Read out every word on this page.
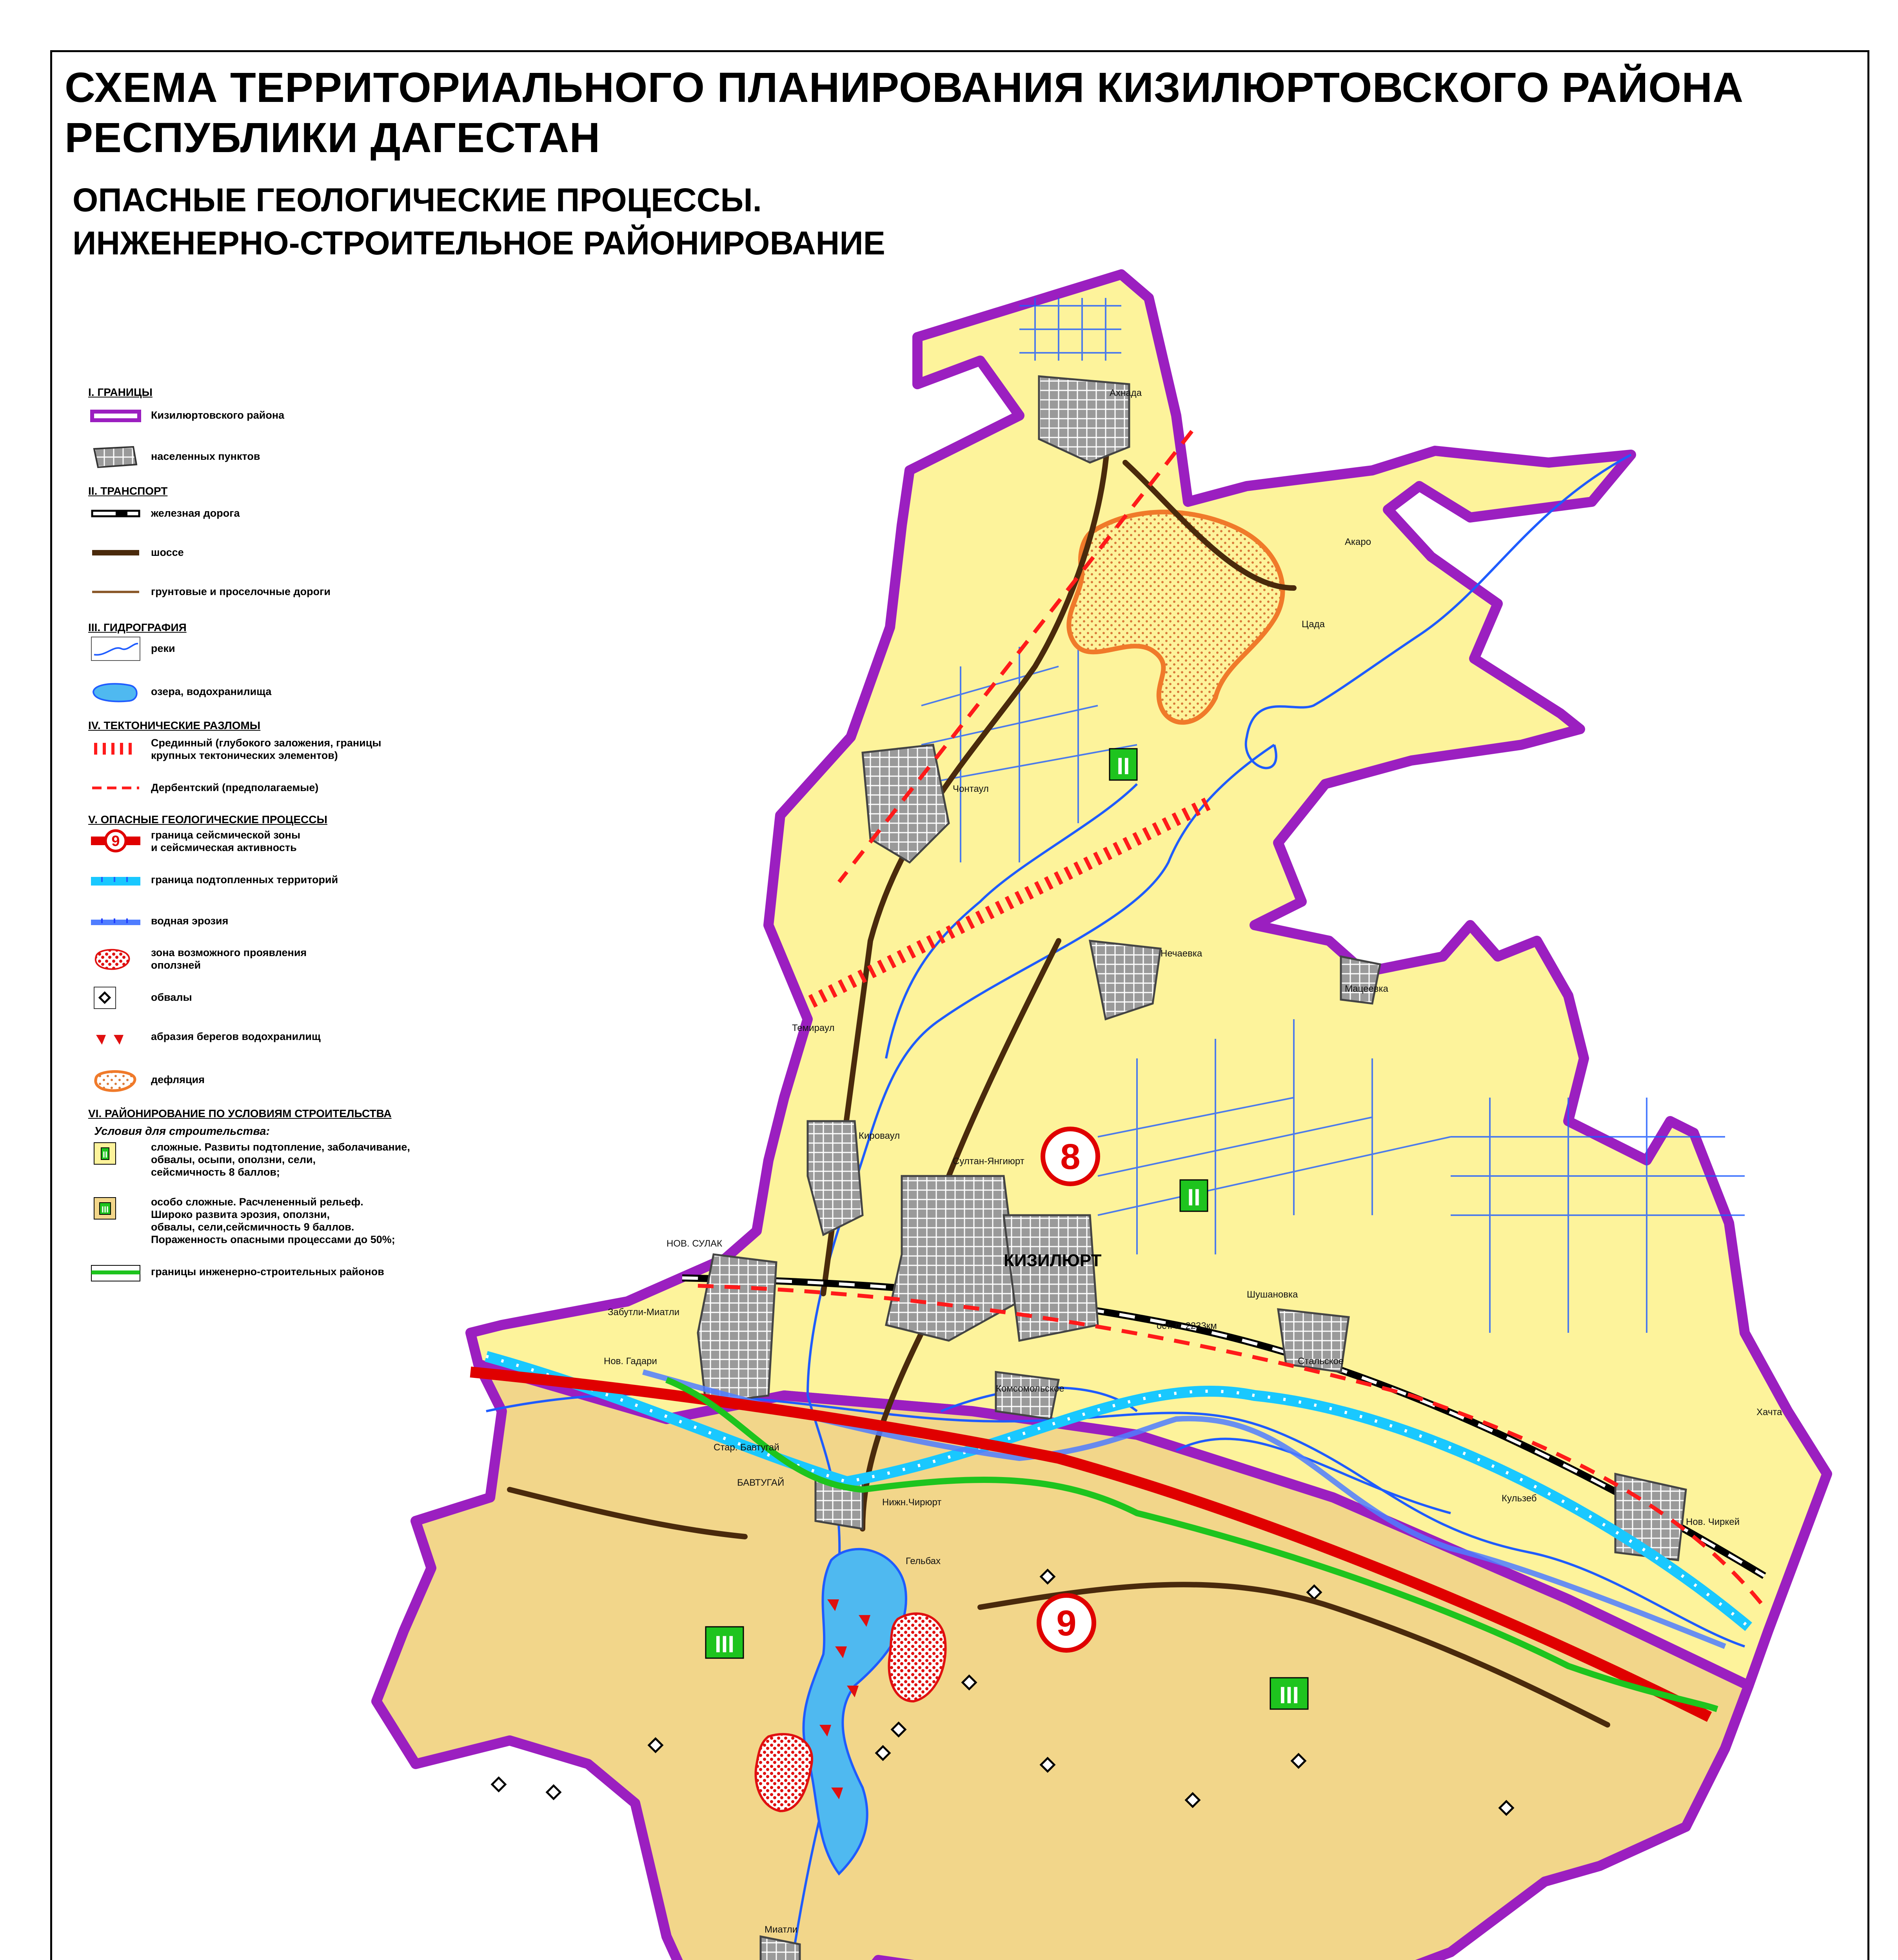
СХЕМА ТЕРРИТОРИАЛЬНОГО ПЛАНИРОВАНИЯ КИЗИЛЮРТОВСКОГО РАЙОНА
РЕСПУБЛИКИ ДАГЕСТАН
ОПАСНЫЕ ГЕОЛОГИЧЕСКИЕ ПРОЦЕССЫ.
ИНЖЕНЕРНО-СТРОИТЕЛЬНОЕ РАЙОНИРОВАНИЕ
8
9
II
II
III
III
Ахнада
Акаро
Цада
Чонтаул
Нечаевка
Мацеевка
Темираул
Кироваул
Султан-Янгиюрт
КИЗИЛЮРТ
НОВ. СУЛАК
Забутли-Миатли
Нов. Гадари
Стар. Бавтугай
БАВТУГАЙ
Нижн.Чирюрт
Комсомольское
Шушановка
ост. п. 2233км
Стальское
Хачта
Кульзеб
Нов. Чиркей
Гельбах
Миатли
I. ГРАНИЦЫ
Кизилюртовского района
населенных пунктов
II. ТРАНСПОРТ
железная дорога
шоссе
грунтовые и проселочные дороги
III. ГИДРОГРАФИЯ
реки
озера, водохранилища
IV. ТЕКТОНИЧЕСКИЕ РАЗЛОМЫ
Срединный (глубокого заложения, границы
крупных тектонических элементов)
Дербентский (предполагаемые)
V. ОПАСНЫЕ ГЕОЛОГИЧЕСКИЕ ПРОЦЕССЫ
9	граница сейсмической зоны
и сейсмическая активность
граница подтопленных территорий
водная эрозия
зона возможного проявления
оползней
обвалы
абразия берегов водохранилищ
дефляция
VI. РАЙОНИРОВАНИЕ ПО УСЛОВИЯМ СТРОИТЕЛЬСТВА
Условия для строительства:
II
сложные. Развиты подтопление, заболачивание,
обвалы, осыпи, оползни, сели,
сейсмичность 8 баллов;
III
особо сложные. Расчлененный рельеф.
Широко развита эрозия, оползни,
обвалы, сели,сейсмичность 9 баллов.
Пораженность опасными процессами до 50%;
границы инженерно-строительных районов
